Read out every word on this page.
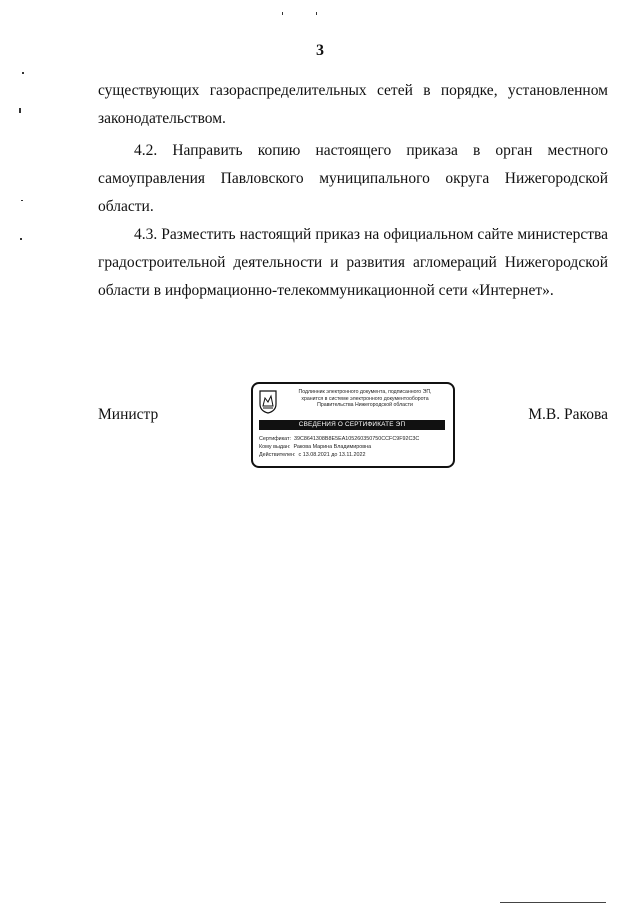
3
существующих газораспределительных сетей в порядке, установленном
законодательством.
4.2. Направить копию настоящего приказа в орган местного
самоуправления Павловского муниципального округа Нижегородской
области.
4.3. Разместить настоящий приказ на официальном сайте министерства
градостроительной деятельности и развития агломераций Нижегородской
области в информационно-телекоммуникационной сети «Интернет».
Министр	М.В. Ракова
Подлинник электронного документа, подписанного ЭП,
хранится в системе электронного документооборота
Правительства Нижегородской области
СВЕДЕНИЯ О СЕРТИФИКАТЕ ЭП
Сертификат: 39C8641308B8E5EA105260350750CCFC9F92C3C
Кому выдан: Ракова Марина Владимировна
Действителен: с 13.08.2021 до 13.11.2022
